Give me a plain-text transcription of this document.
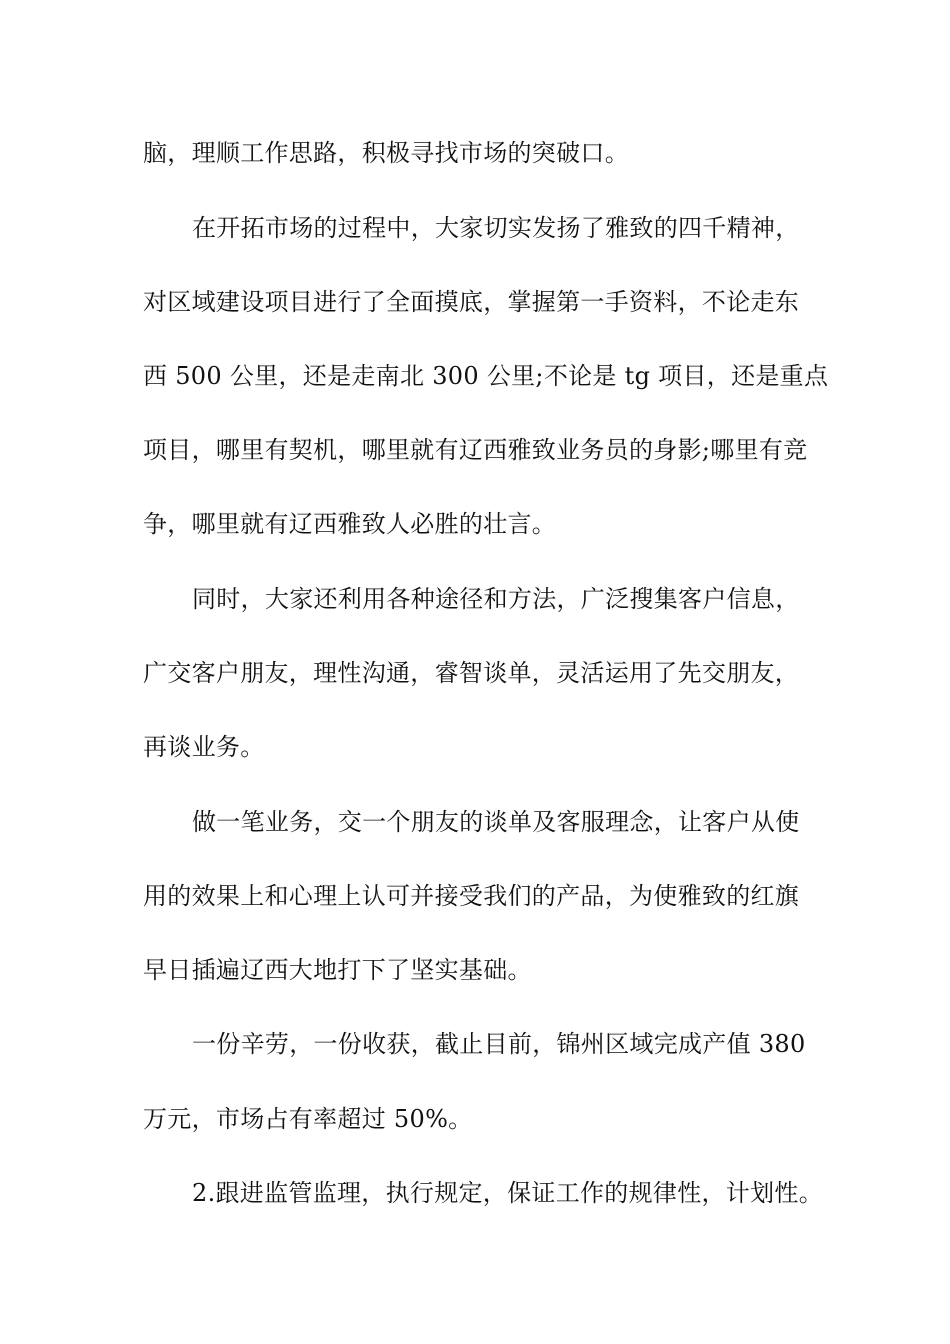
脑，理顺工作思路，积极寻找市场的突破口。
在开拓市场的过程中，大家切实发扬了雅致的四千精神，
对区域建设项目进行了全面摸底，掌握第一手资料，不论走东
西 500 公里，还是走南北 300 公里;不论是 tg 项目，还是重点
项目，哪里有契机，哪里就有辽西雅致业务员的身影;哪里有竞
争，哪里就有辽西雅致人必胜的壮言。
同时，大家还利用各种途径和方法，广泛搜集客户信息，
广交客户朋友，理性沟通，睿智谈单，灵活运用了先交朋友，
再谈业务。
做一笔业务，交一个朋友的谈单及客服理念，让客户从使
用的效果上和心理上认可并接受我们的产品，为使雅致的红旗
早日插遍辽西大地打下了坚实基础。
一份辛劳，一份收获，截止目前，锦州区域完成产值 380
万元，市场占有率超过 50%。
2.跟进监管监理，执行规定，保证工作的规律性，计划性。
